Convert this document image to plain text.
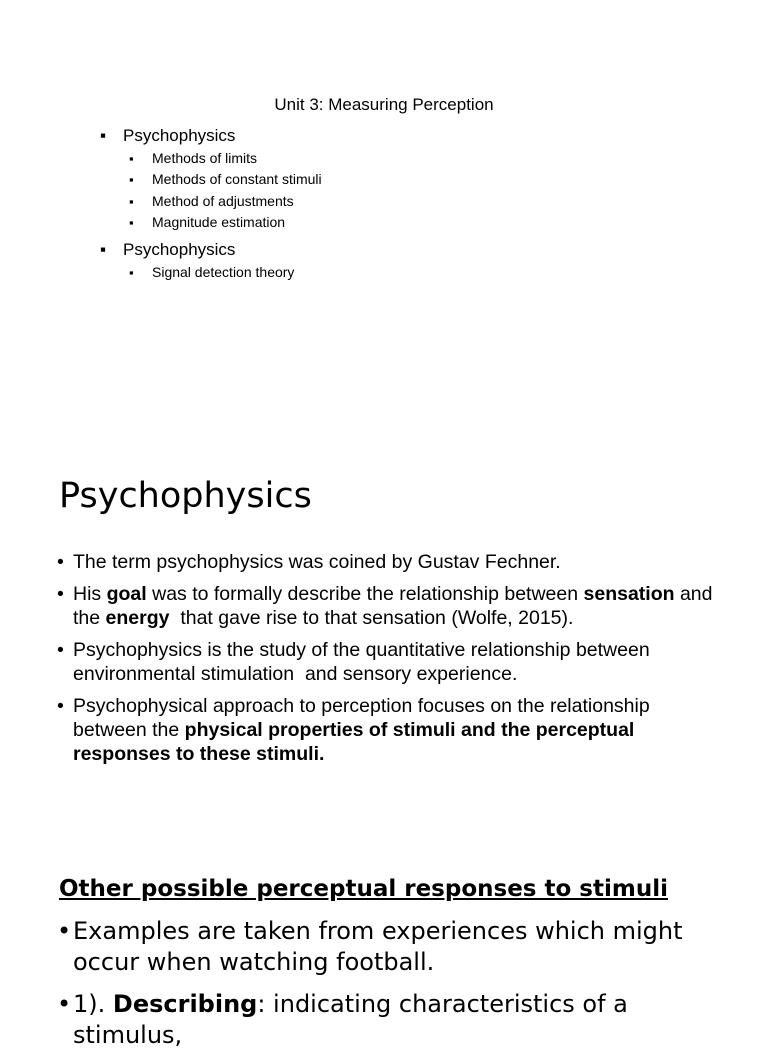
Unit 3: Measuring Perception
▪ Psychophysics
▪ Methods of limits
▪ Methods of constant stimuli
▪ Method of adjustments
▪ Magnitude estimation
▪ Psychophysics
▪ Signal detection theory
Psychophysics
• The term psychophysics was coined by Gustav Fechner.
• His goal was to formally describe the relationship between sensation and the energy  that gave rise to that sensation (Wolfe, 2015).
• Psychophysics is the study of the quantitative relationship between environmental stimulation  and sensory experience.
• Psychophysical approach to perception focuses on the relationship between the physical properties of stimuli and the perceptual responses to these stimuli.
Other possible perceptual responses to stimuli
• Examples are taken from experiences which might occur when watching football.
• 1). Describing: indicating characteristics of a stimulus,
